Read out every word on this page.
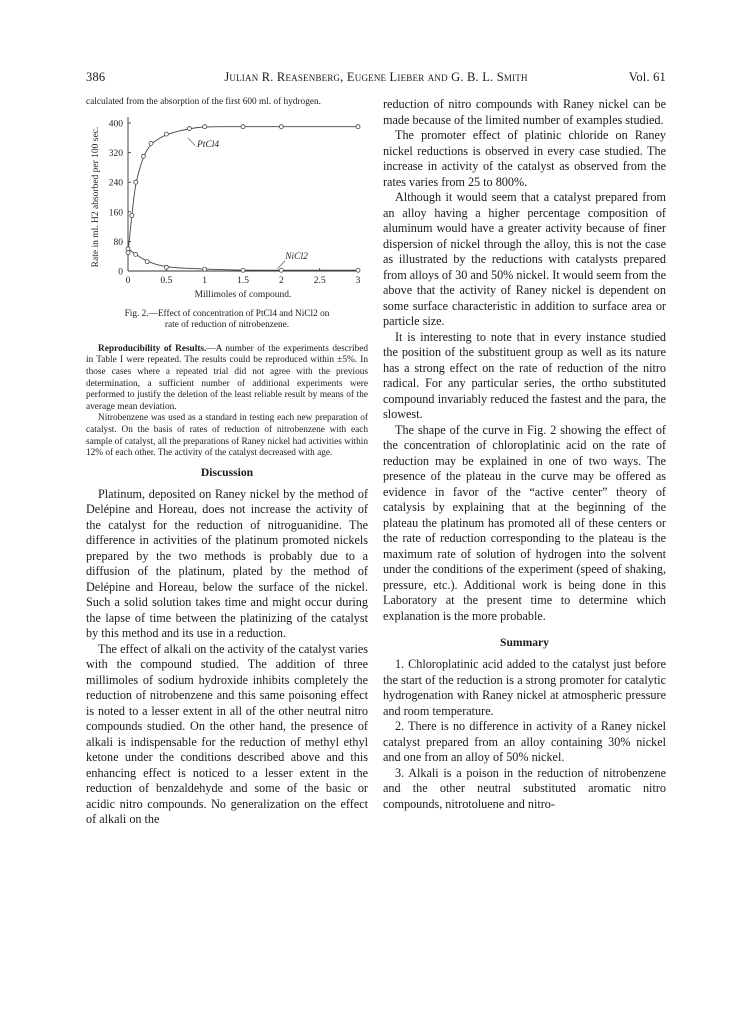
386	Julian R. Reasenberg, Eugene Lieber and G. B. L. Smith	Vol. 61

calculated from the absorption of the first 600 ml. of hydrogen.

0	0.5	1	1.5	2	2.5	3
0
80
160
240
320
400
Millimoles of compound.
Rate in ml. H2 absorbed per 100 sec.	PtCl4
NiCl2

Fig. 2.—Effect of concentration of PtCl4 and NiCl2 on

rate of reduction of nitrobenzene.

Reproducibility of Results.—A number of the experiments described in Table I were repeated. The results could be reproduced within ±5%. In those cases where a repeated trial did not agree with the previous determination, a sufficient number of additional experiments were performed to justify the deletion of the least reliable result by means of the average mean deviation.

Nitrobenzene was used as a standard in testing each new preparation of catalyst. On the basis of rates of reduction of nitrobenzene with each sample of catalyst, all the preparations of Raney nickel had activities within 12% of each other. The activity of the catalyst decreased with age.

Discussion

Platinum, deposited on Raney nickel by the method of Delépine and Horeau, does not increase the activity of the catalyst for the reduction of nitroguanidine. The difference in activities of the platinum promoted nickels prepared by the two methods is probably due to a diffusion of the platinum, plated by the method of Delépine and Horeau, below the surface of the nickel. Such a solid solution takes time and might occur during the lapse of time between the platinizing of the catalyst by this method and its use in a reduction.

The effect of alkali on the activity of the catalyst varies with the compound studied. The addition of three millimoles of sodium hydroxide inhibits completely the reduction of nitrobenzene and this same poisoning effect is noted to a lesser extent in all of the other neutral nitro compounds studied. On the other hand, the presence of alkali is indispensable for the reduction of methyl ethyl ketone under the conditions described above and this enhancing effect is noticed to a lesser extent in the reduction of benzaldehyde and some of the basic or acidic nitro compounds. No generalization on the effect of alkali on the

reduction of nitro compounds with Raney nickel can be made because of the limited number of examples studied.

The promoter effect of platinic chloride on Raney nickel reductions is observed in every case studied. The increase in activity of the catalyst as observed from the rates varies from 25 to 800%.

Although it would seem that a catalyst prepared from an alloy having a higher percentage composition of aluminum would have a greater activity because of finer dispersion of nickel through the alloy, this is not the case as illustrated by the reductions with catalysts prepared from alloys of 30 and 50% nickel. It would seem from the above that the activity of Raney nickel is dependent on some surface characteristic in addition to surface area or particle size.

It is interesting to note that in every instance studied the position of the substituent group as well as its nature has a strong effect on the rate of reduction of the nitro radical. For any particular series, the ortho substituted compound invariably reduced the fastest and the para, the slowest.

The shape of the curve in Fig. 2 showing the effect of the concentration of chloroplatinic acid on the rate of reduction may be explained in one of two ways. The presence of the plateau in the curve may be offered as evidence in favor of the “active center” theory of catalysis by explaining that at the beginning of the plateau the platinum has promoted all of these centers or the rate of reduction corresponding to the plateau is the maximum rate of solution of hydrogen into the solvent under the conditions of the experiment (speed of shaking, pressure, etc.). Additional work is being done in this Laboratory at the present time to determine which explanation is the more probable.

Summary

1. Chloroplatinic acid added to the catalyst just before the start of the reduction is a strong promoter for catalytic hydrogenation with Raney nickel at atmospheric pressure and room temperature.

2. There is no difference in activity of a Raney nickel catalyst prepared from an alloy containing 30% nickel and one from an alloy of 50% nickel.

3. Alkali is a poison in the reduction of nitrobenzene and the other neutral substituted aromatic nitro compounds, nitrotoluene and nitro-
